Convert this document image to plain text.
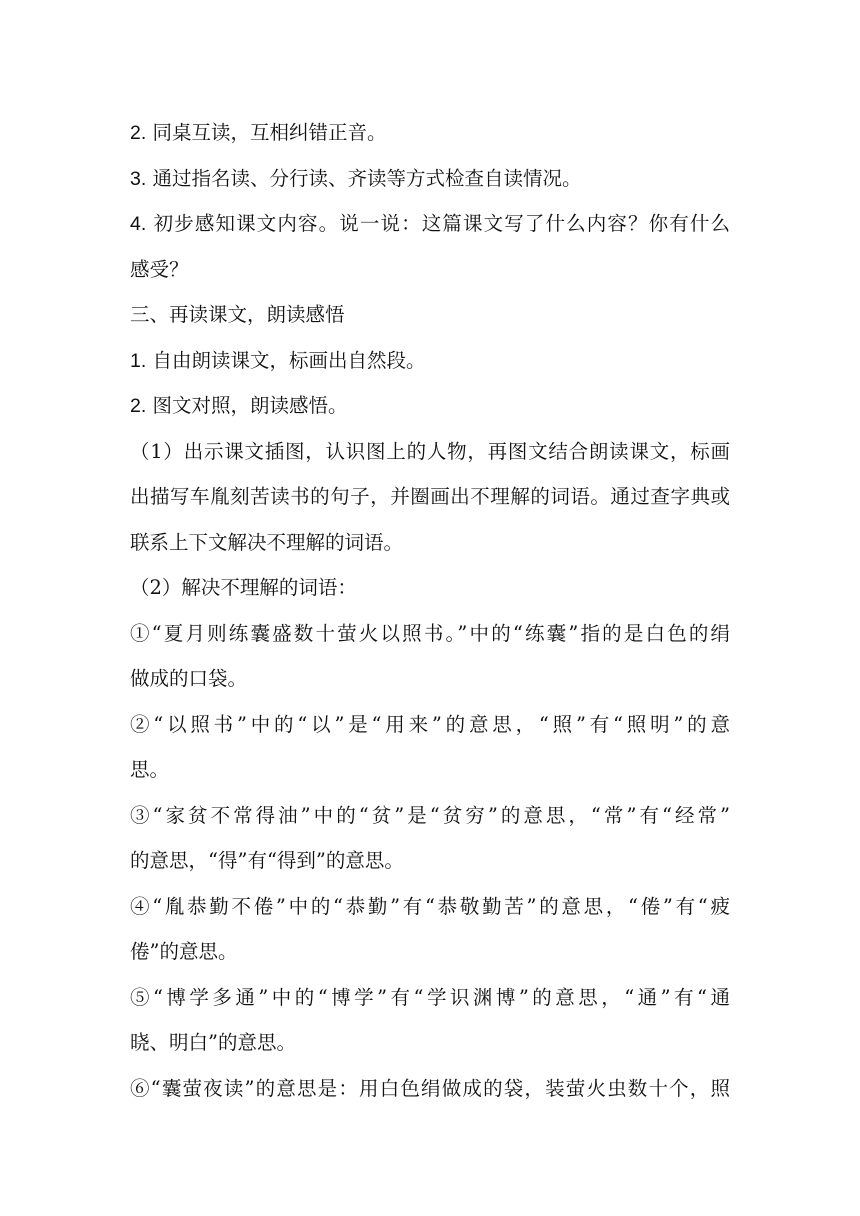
2. 同桌互读，互相纠错正音。
3. 通过指名读、分行读、齐读等方式检查自读情况。
4. 初步感知课文内容。说一说：这篇课文写了什么内容？你有什么
感受？
三、再读课文，朗读感悟
1. 自由朗读课文，标画出自然段。
2. 图文对照，朗读感悟。
（1）出示课文插图，认识图上的人物，再图文结合朗读课文，标画
出描写车胤刻苦读书的句子，并圈画出不理解的词语。通过查字典或
联系上下文解决不理解的词语。
（2）解决不理解的词语：
①“夏月则练囊盛数十萤火以照书。”中的“练囊”指的是白色的绢
做成的口袋。
②“以照书”中的“以”是“用来”的意思，“照”有“照明”的意
思。
③“家贫不常得油”中的“贫”是“贫穷”的意思，“常”有“经常”
的意思，“得”有“得到”的意思。
④“胤恭勤不倦”中的“恭勤”有“恭敬勤苦”的意思，“倦”有“疲
倦”的意思。
⑤“博学多通”中的“博学”有“学识渊博”的意思，“通”有“通
晓、明白”的意思。
⑥“囊萤夜读”的意思是：用白色绢做成的袋，装萤火虫数十个，照
